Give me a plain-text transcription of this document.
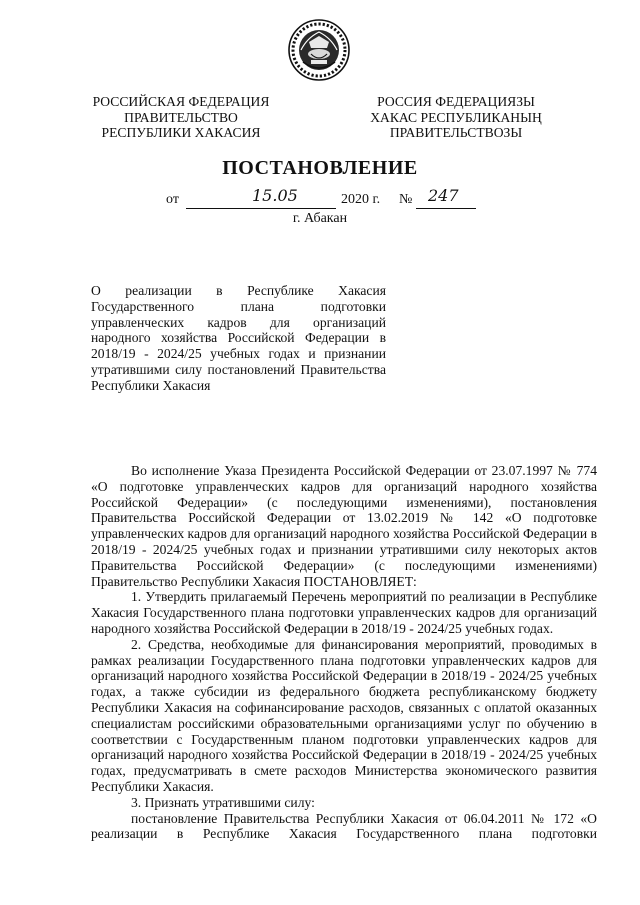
РОССИЙСКАЯ ФЕДЕРАЦИЯ
ПРАВИТЕЛЬСТВО
РЕСПУБЛИКИ ХАКАСИЯ
РОССИЯ ФЕДЕРАЦИЯЗЫ
ХАКАС РЕСПУБЛИКАНЫҢ
ПРАВИТЕЛЬСТВОЗЫ
ПОСТАНОВЛЕНИЕ
от	15.05	2020 г. № 247
г. Абакан
О реализации в Республике Хакасия Государственного плана подготовки управленческих кадров для организаций народного хозяйства Российской Федерации в 2018/19 - 2024/25 учебных годах и признании утратившими силу постановлений Правительства Республики Хакасия

Во исполнение Указа Президента Российской Федерации от 23.07.1997 № 774 «О подготовке управленческих кадров для организаций народного хозяйства Российской Федерации» (с последующими изменениями), постановления Правительства Российской Федерации от 13.02.2019 № 142 «О подготовке управленческих кадров для организаций народного хозяйства Российской Федерации в 2018/19 - 2024/25 учебных годах и признании утратившими силу некоторых актов Правительства Российской Федерации» (с последующими изменениями) Правительство Республики Хакасия ПОСТАНОВЛЯЕТ:

1. Утвердить прилагаемый Перечень мероприятий по реализации в Республике Хакасия Государственного плана подготовки управленческих кадров для организаций народного хозяйства Российской Федерации в 2018/19 - 2024/25 учебных годах.

2. Средства, необходимые для финансирования мероприятий, проводимых в рамках реализации Государственного плана подготовки управленческих кадров для организаций народного хозяйства Российской Федерации в 2018/19 - 2024/25 учебных годах, а также субсидии из федерального бюджета республиканскому бюджету Республики Хакасия на софинансирование расходов, связанных с оплатой оказанных специалистам российскими образовательными организациями услуг по обучению в соответствии с Государственным планом подготовки управленческих кадров для организаций народного хозяйства Российской Федерации в 2018/19 - 2024/25 учебных годах, предусматривать в смете расходов Министерства экономического развития Республики Хакасия.

3. Признать утратившими силу:

постановление Правительства Республики Хакасия от 06.04.2011 № 172 «О реализации в Республике Хакасия Государственного плана подготовки
